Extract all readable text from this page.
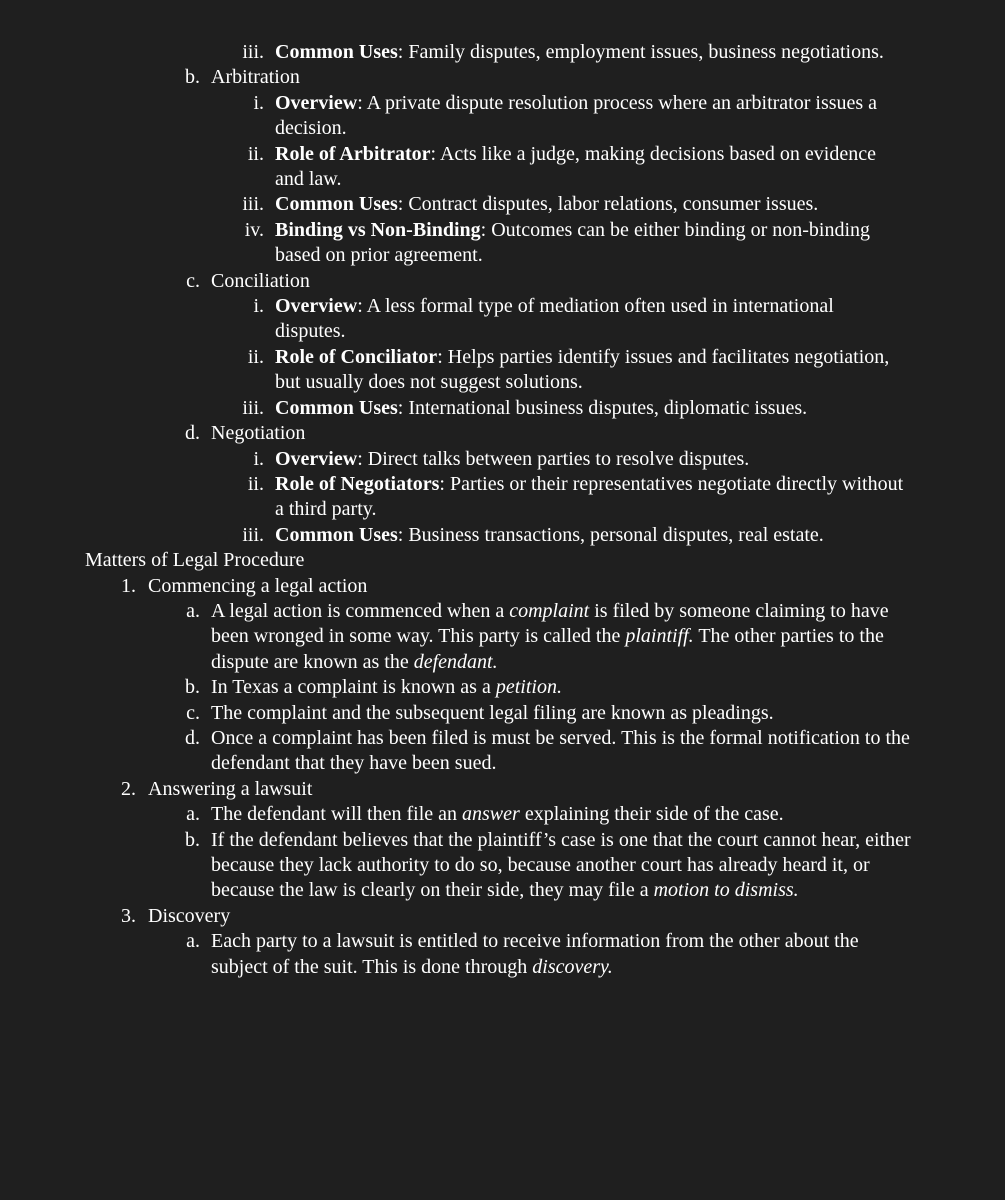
iii. Common Uses: Family disputes, employment issues, business negotiations.
b. Arbitration
i. Overview: A private dispute resolution process where an arbitrator issues a decision.
ii. Role of Arbitrator: Acts like a judge, making decisions based on evidence and law.
iii. Common Uses: Contract disputes, labor relations, consumer issues.
iv. Binding vs Non-Binding: Outcomes can be either binding or non-binding based on prior agreement.
c. Conciliation
i. Overview: A less formal type of mediation often used in international disputes.
ii. Role of Conciliator: Helps parties identify issues and facilitates negotiation, but usually does not suggest solutions.
iii. Common Uses: International business disputes, diplomatic issues.
d. Negotiation
i. Overview: Direct talks between parties to resolve disputes.
ii. Role of Negotiators: Parties or their representatives negotiate directly without a third party.
iii. Common Uses: Business transactions, personal disputes, real estate.
Matters of Legal Procedure
1. Commencing a legal action
a. A legal action is commenced when a complaint is filed by someone claiming to have been wronged in some way. This party is called the plaintiff. The other parties to the dispute are known as the defendant.
b. In Texas a complaint is known as a petition.
c. The complaint and the subsequent legal filing are known as pleadings.
d. Once a complaint has been filed is must be served. This is the formal notification to the defendant that they have been sued.
2. Answering a lawsuit
a. The defendant will then file an answer explaining their side of the case.
b. If the defendant believes that the plaintiff’s case is one that the court cannot hear, either because they lack authority to do so, because another court has already heard it, or because the law is clearly on their side, they may file a motion to dismiss.
3. Discovery
a. Each party to a lawsuit is entitled to receive information from the other about the subject of the suit. This is done through discovery.
